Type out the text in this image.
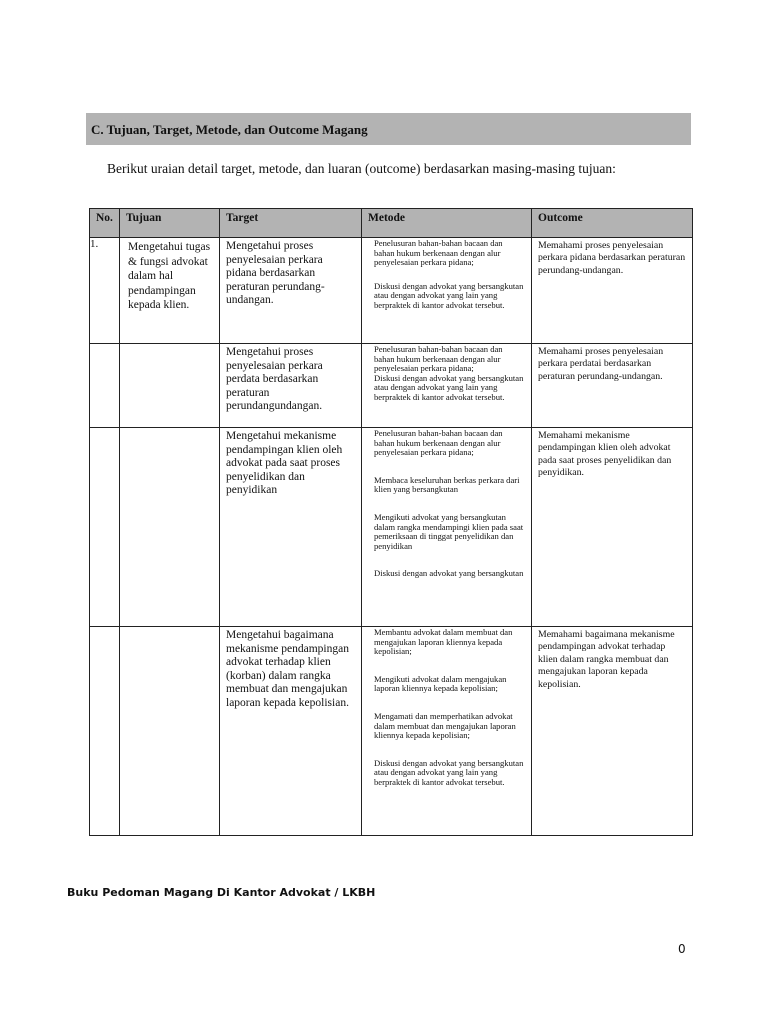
C. Tujuan, Target, Metode, dan Outcome Magang
Berikut uraian detail target, metode, dan luaran (outcome) berdasarkan masing-masing tujuan:
No.	Tujuan	Target	Metode	Outcome

1.	Mengetahui tugas & fungsi advokat dalam hal pendampingan kepada klien.	Mengetahui proses penyelesaian perkara pidana berdasarkan peraturan perundang-undangan.	Penelusuran bahan-bahan bacaan dan bahan hukum berkenaan dengan alur penyelesaian perkara pidana;

Diskusi dengan advokat yang bersangkutan atau dengan advokat yang lain yang berpraktek di kantor advokat tersebut.	Memahami proses penyelesaian perkara pidana berdasarkan peraturan perundang-undangan.

		Mengetahui proses penyelesaian perkara perdata berdasarkan peraturan perundangundangan.	Penelusuran bahan-bahan bacaan dan bahan hukum berkenaan dengan alur penyelesaian perkara pidana;

Diskusi dengan advokat yang bersangkutan atau dengan advokat yang lain yang berpraktek di kantor advokat tersebut.	Memahami proses penyelesaian perkara perdatai berdasarkan peraturan perundang-undangan.

		Mengetahui mekanisme pendampingan klien oleh advokat pada saat proses penyelidikan dan penyidikan	Penelusuran bahan-bahan bacaan dan bahan hukum berkenaan dengan alur penyelesaian perkara pidana;

Membaca keseluruhan berkas perkara dari klien yang bersangkutan

Mengikuti advokat yang bersangkutan dalam rangka mendampingi klien pada saat pemeriksaan di tinggat penyelidikan dan penyidikan

Diskusi dengan advokat yang bersangkutan	Memahami mekanisme pendampingan klien oleh advokat pada saat proses penyelidikan dan penyidikan.

		Mengetahui bagaimana mekanisme pendampingan advokat terhadap klien (korban) dalam rangka membuat dan mengajukan laporan kepada kepolisian.	Membantu advokat dalam membuat dan mengajukan laporan kliennya kepada kepolisian;

Mengikuti advokat dalam mengajukan laporan kliennya kepada kepolisian;

Mengamati dan memperhatikan advokat dalam membuat dan mengajukan laporan kliennya kepada kepolisian;

Diskusi dengan advokat yang bersangkutan atau dengan advokat yang lain yang berpraktek di kantor advokat tersebut.	Memahami bagaimana mekanisme pendampingan advokat terhadap klien dalam rangka membuat dan mengajukan laporan kepada kepolisian.
Buku Pedoman Magang Di Kantor Advokat / LKBH
0
